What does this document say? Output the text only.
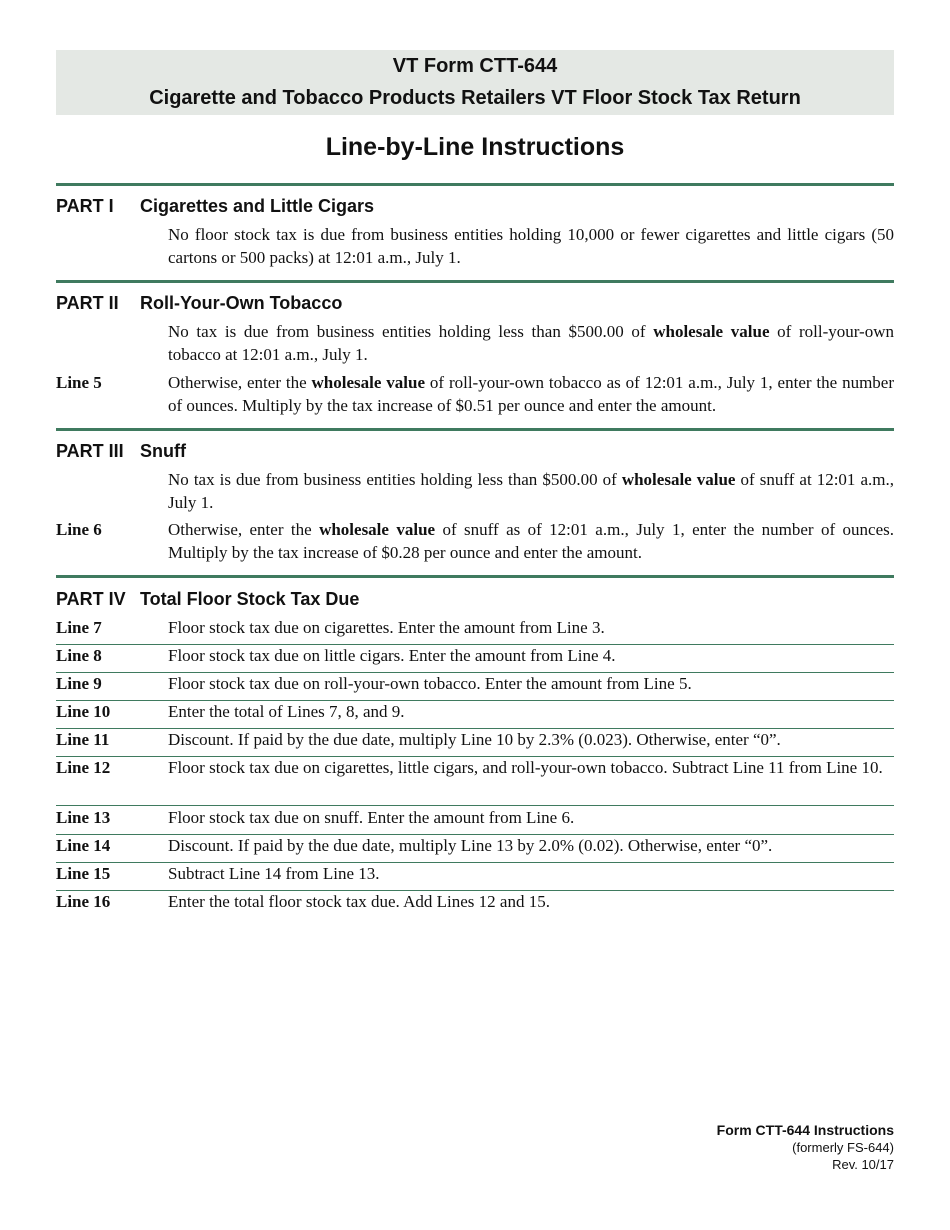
VT Form CTT-644
Cigarette and Tobacco Products Retailers VT Floor Stock Tax Return
Line-by-Line Instructions
PART I Cigarettes and Little Cigars
No floor stock tax is due from business entities holding 10,000 or fewer cigarettes and little cigars (50 cartons or 500 packs) at 12:01 a.m., July 1.
PART II Roll-Your-Own Tobacco
No tax is due from business entities holding less than $500.00 of wholesale value of roll-your-own tobacco at 12:01 a.m., July 1.
Line 5	Otherwise, enter the wholesale value of roll-your-own tobacco as of 12:01 a.m., July 1, enter the number of ounces. Multiply by the tax increase of $0.51 per ounce and enter the amount.
PART III Snuff
No tax is due from business entities holding less than $500.00 of wholesale value of snuff at 12:01 a.m., July 1.
Line 6	Otherwise, enter the wholesale value of snuff as of 12:01 a.m., July 1, enter the number of ounces. Multiply by the tax increase of $0.28 per ounce and enter the amount.
PART IV Total Floor Stock Tax Due
Line 7	Floor stock tax due on cigarettes. Enter the amount from Line 3.
Line 8	Floor stock tax due on little cigars. Enter the amount from Line 4.
Line 9	Floor stock tax due on roll-your-own tobacco. Enter the amount from Line 5.
Line 10	Enter the total of Lines 7, 8, and 9.
Line 11	Discount. If paid by the due date, multiply Line 10 by 2.3% (0.023). Otherwise, enter “0”.
Line 12	Floor stock tax due on cigarettes, little cigars, and roll-your-own tobacco. Subtract Line 11 from Line 10.
Line 13	Floor stock tax due on snuff. Enter the amount from Line 6.
Line 14	Discount. If paid by the due date, multiply Line 13 by 2.0% (0.02). Otherwise, enter “0”.
Line 15	Subtract Line 14 from Line 13.
Line 16	Enter the total floor stock tax due. Add Lines 12 and 15.
Form CTT-644 Instructions
(formerly FS-644)
Rev. 10/17
